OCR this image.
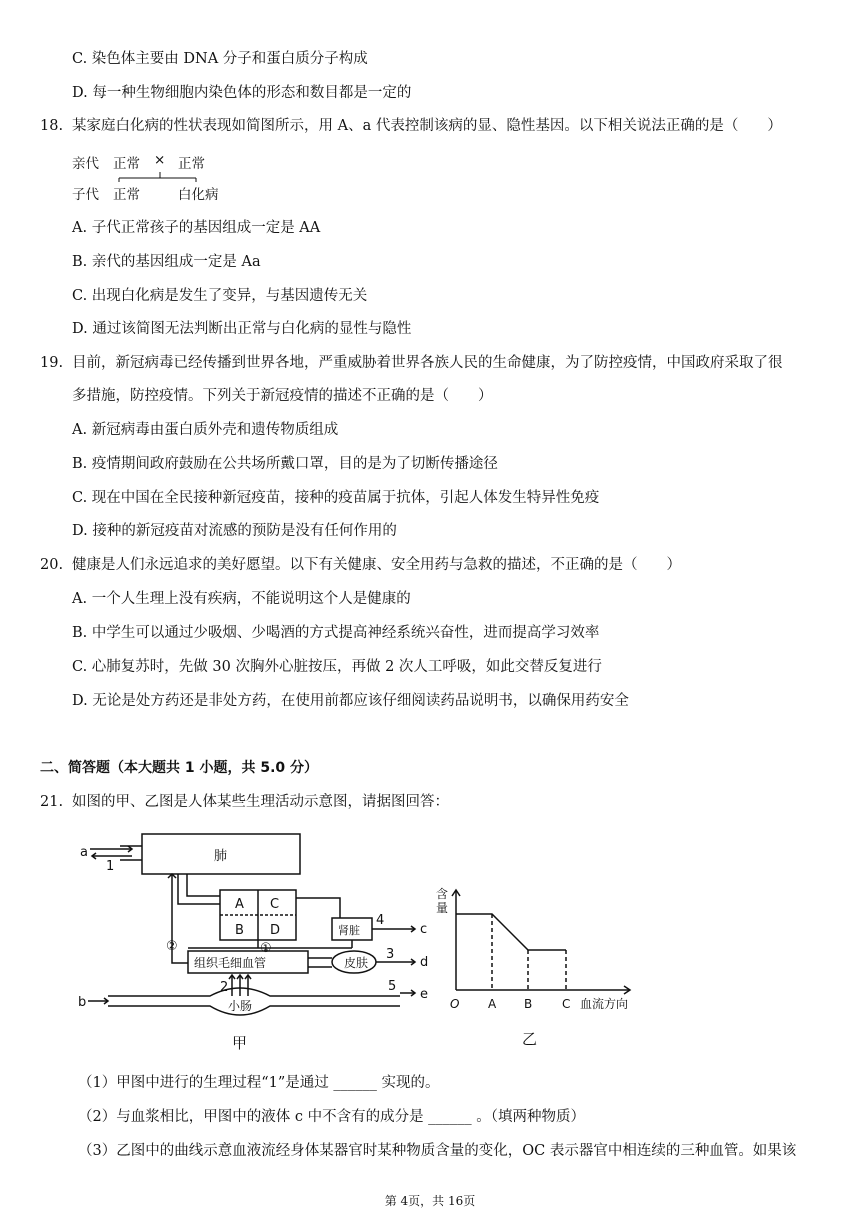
C. 染色体主要由 DNA 分子和蛋白质分子构成
D. 每一种生物细胞内染色体的形态和数目都是一定的
18. 某家庭白化病的性状表现如简图所示，用 A、a 代表控制该病的显、隐性基因。以下相关说法正确的是（　　）
亲代 正常 × 正常
子代 正常	白化病
A. 子代正常孩子的基因组成一定是 AA
B. 亲代的基因组成一定是 Aa
C. 出现白化病是发生了变异，与基因遗传无关
D. 通过该简图无法判断出正常与白化病的显性与隐性
19. 目前，新冠病毒已经传播到世界各地，严重威胁着世界各族人民的生命健康，为了防控疫情，中国政府采取了很
多措施，防控疫情。下列关于新冠疫情的描述不正确的是（　　）
A. 新冠病毒由蛋白质外壳和遗传物质组成
B. 疫情期间政府鼓励在公共场所戴口罩，目的是为了切断传播途径
C. 现在中国在全民接种新冠疫苗，接种的疫苗属于抗体，引起人体发生特异性免疫
D. 接种的新冠疫苗对流感的预防是没有任何作用的
20. 健康是人们永远追求的美好愿望。以下有关健康、安全用药与急救的描述，不正确的是（　　）
A. 一个人生理上没有疾病，不能说明这个人是健康的
B. 中学生可以通过少吸烟、少喝酒的方式提高神经系统兴奋性，进而提高学习效率
C. 心肺复苏时，先做 30 次胸外心脏按压，再做 2 次人工呼吸，如此交替反复进行
D. 无论是处方药还是非处方药，在使用前都应该仔细阅读药品说明书，以确保用药安全
二、简答题（本大题共 1 小题，共 5.0 分）
21. 如图的甲、乙图是人体某些生理活动示意图，请据图回答：
a
1
肺
A C
B D	肾脏
4
c
①
②
组织毛细血管	皮肤
3
d
2
b	小肠
5
e
甲
含
量
O A B C 血流方向
乙
（1）甲图中进行的生理过程“1”是通过 ______ 实现的。
（2）与血浆相比，甲图中的液体 c 中不含有的成分是 ______ 。（填两种物质）
（3）乙图中的曲线示意血液流经身体某器官时某种物质含量的变化，OC 表示器官中相连续的三种血管。如果该
第 4页，共 16页
